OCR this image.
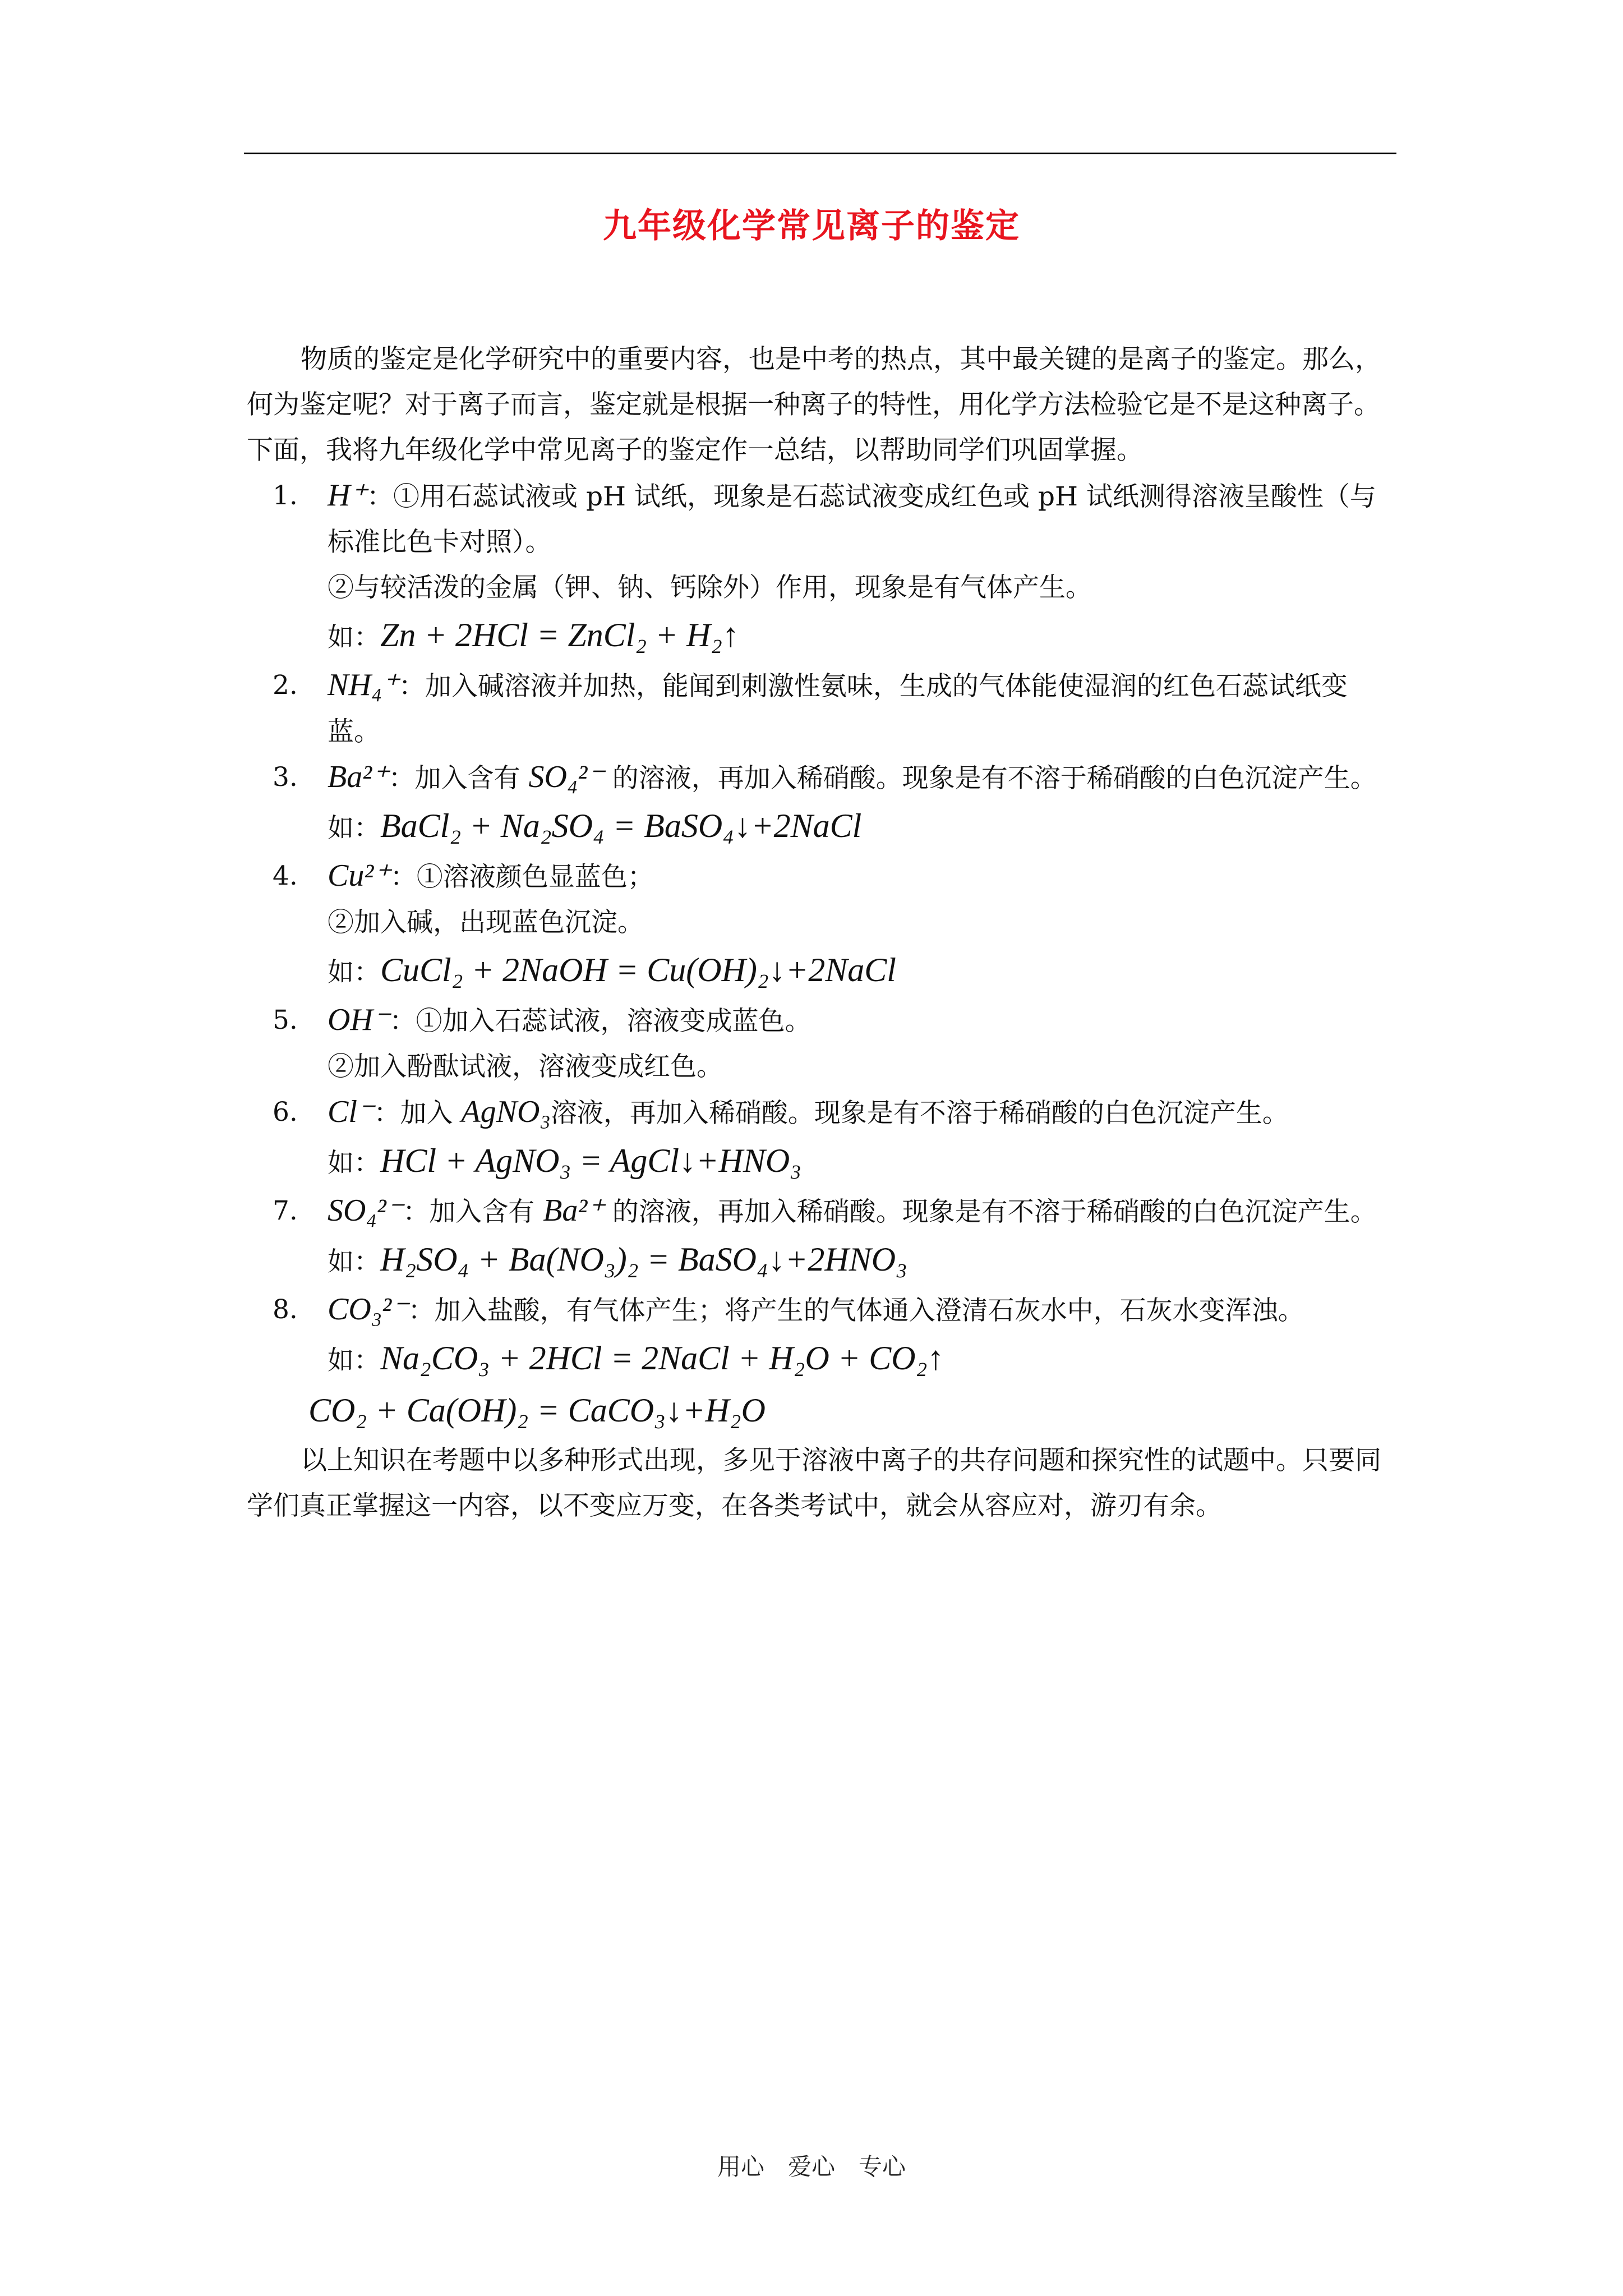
九年级化学常见离子的鉴定

物质的鉴定是化学研究中的重要内容，也是中考的热点，其中最关键的是离子的鉴定。那么，何为鉴定呢？对于离子而言，鉴定就是根据一种离子的特性，用化学方法检验它是不是这种离子。下面，我将九年级化学中常见离子的鉴定作一总结，以帮助同学们巩固掌握。

1. H⁺：①用石蕊试液或 pH 试纸，现象是石蕊试液变成红色或 pH 试纸测得溶液呈酸性（与标准比色卡对照）。

②与较活泼的金属（钾、钠、钙除外）作用，现象是有气体产生。

如：Zn + 2HCl = ZnCl₂ + H₂↑

2. NH₄⁺：加入碱溶液并加热，能闻到刺激性氨味，生成的气体能使湿润的红色石蕊试纸变蓝。

3. Ba²⁺：加入含有 SO₄²⁻ 的溶液，再加入稀硝酸。现象是有不溶于稀硝酸的白色沉淀产生。

如：BaCl₂ + Na₂SO₄ = BaSO₄↓+2NaCl

4. Cu²⁺：①溶液颜色显蓝色；

②加入碱，出现蓝色沉淀。

如：CuCl₂ + 2NaOH = Cu(OH)₂↓+2NaCl

5. OH⁻：①加入石蕊试液，溶液变成蓝色。

②加入酚酞试液，溶液变成红色。

6. Cl⁻：加入 AgNO₃溶液，再加入稀硝酸。现象是有不溶于稀硝酸的白色沉淀产生。

如：HCl + AgNO₃ = AgCl↓+HNO₃

7. SO₄²⁻：加入含有 Ba²⁺ 的溶液，再加入稀硝酸。现象是有不溶于稀硝酸的白色沉淀产生。

如：H₂SO₄ + Ba(NO₃)₂ = BaSO₄↓+2HNO₃

8. CO₃²⁻：加入盐酸，有气体产生；将产生的气体通入澄清石灰水中，石灰水变浑浊。

如：Na₂CO₃ + 2HCl = 2NaCl + H₂O + CO₂↑

CO₂ + Ca(OH)₂ = CaCO₃↓+H₂O

以上知识在考题中以多种形式出现，多见于溶液中离子的共存问题和探究性的试题中。只要同学们真正掌握这一内容，以不变应万变，在各类考试中，就会从容应对，游刃有余。

用心　爱心　专心
